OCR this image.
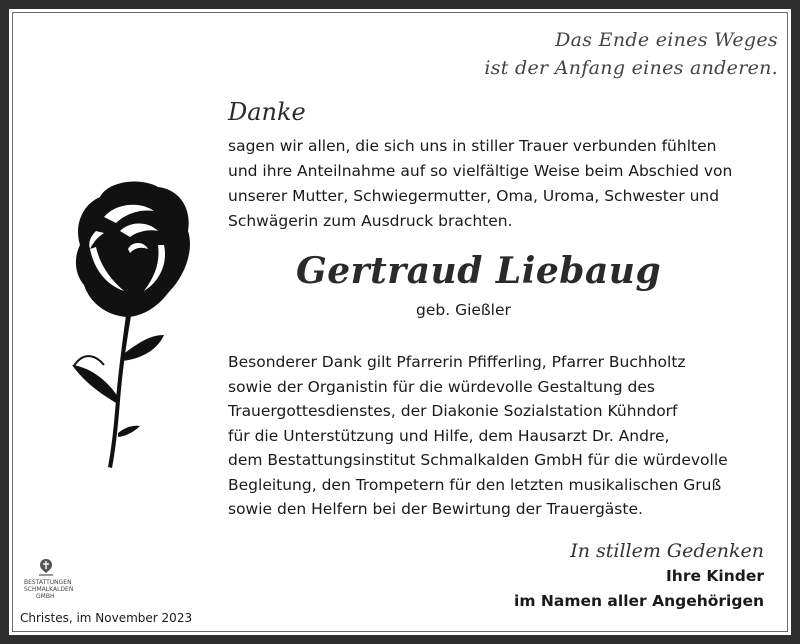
Das Ende eines Weges
ist der Anfang eines anderen.
Danke
sagen wir allen, die sich uns in stiller Trauer verbunden fühlten
und ihre Anteilnahme auf so vielfältige Weise beim Abschied von
unserer Mutter, Schwiegermutter, Oma, Uroma, Schwester und
Schwägerin zum Ausdruck brachten.
Gertraud Liebaug
geb. Gießler
Besonderer Dank gilt Pfarrerin Pfifferling, Pfarrer Buchholtz
sowie der Organistin für die würdevolle Gestaltung des
Trauergottesdienstes, der Diakonie Sozialstation Kühndorf
für die Unterstützung und Hilfe, dem Hausarzt Dr. Andre,
dem Bestattungsinstitut Schmalkalden GmbH für die würdevolle
Begleitung, den Trompetern für den letzten musikalischen Gruß
sowie den Helfern bei der Bewirtung der Trauergäste.
In stillem Gedenken
Ihre Kinder
im Namen aller Angehörigen
BESTATTUNGEN
SCHMALKALDEN
GMBH
Christes, im November 2023
